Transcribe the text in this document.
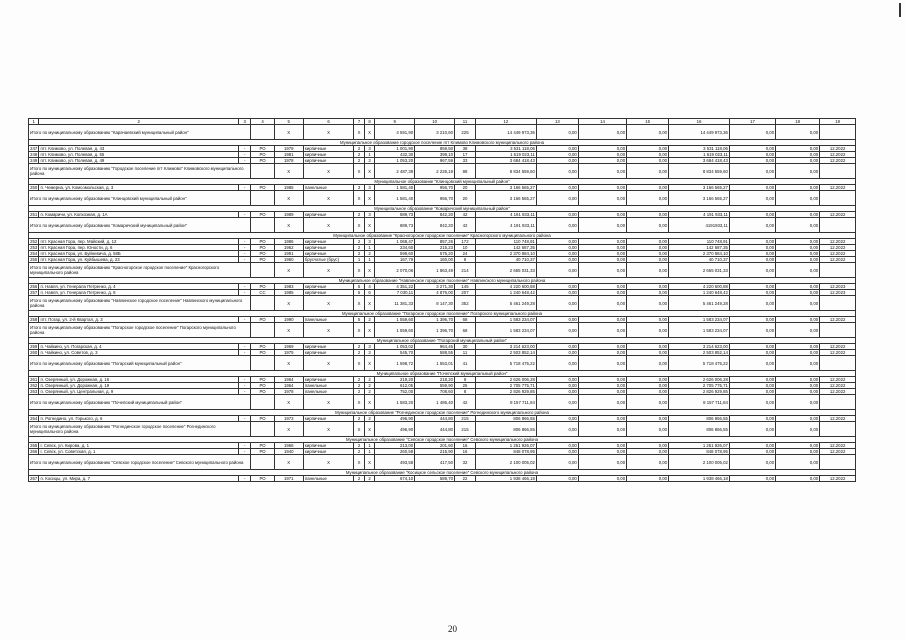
1	2	3	4	5	6	7	8	9	10	11	12	13	14	15	16	17	18	19
Итого по муниципальному образованию "Карачаевский муниципальный район"				X	X	X	X	4 591,90	3 210,60	225	14 449 973,36	0,00	0,00	0,00	14 449 973,36	0,00	0,00	
Муниципальное образование городское поселение пгт Климово Климовского муниципального района																		
247	пгт. Климово, ул. Полевая, д. 43	-	РО	1979	кирпичные	2	3	1 001,90	859,50	38	3 531 118,06	0,00	0,00	0,00	3 531 118,06	0,00	0,00	12.2022
248	пгт. Климово, ул. Полевая, д. 55	-	РО	1981	кирпичные	2	1	432,30	399,10	17	1 619 023,11	0,00	0,00	0,00	1 619 023,11	0,00	0,00	12.2022
249	пгт. Климово, ул. Полевая, д. 49	-	РО	1978	кирпичные	2	3	1 053,20	967,59	33	3 684 418,43	0,00	0,00	0,00	3 684 418,43	0,00	0,00	12.2022
Итого по муниципальному образованию "Городское поселение пгт Климово" Климовского муниципального района				X	X	X	X	2 487,39	2 226,19	88	8 834 559,60	0,00	0,00	0,00	8 834 559,60	0,00	0,00	
Муниципальное образование "Клинцовский муниципальный район"																		
250	п. Чемерна, ул. Комсомольская, д. 3	-	РО	1985	панельные	3	3	1 581,40	956,70	20	3 166 565,27	0,00	0,00	0,00	3 166 565,27	0,00	0,00	12.2022
Итого по муниципальному образованию "Клинцовский муниципальный район"				X	X	X	X	1 581,40	956,70	20	3 166 565,27	0,00	0,00	0,00	3 166 565,27	0,00	0,00	
Муниципальное образование "Комаричский муниципальный район"																		
251	п. Комаричи, ул. Колхозная, д. 1А	-	РО	1989	кирпичные	2	3	889,73	842,20	42	4 191 933,11	0,00	0,00	0,00	4 191 933,11	0,00	0,00	12.2022
Итого по муниципальному образованию "Комаричский муниципальный район"				X	X	X	X	889,73	842,20	42	4 191 933,11	0,00	0,00	0,00	4191933,11	0,00	0,00	
Муниципальное образование "Красногорское городское поселение" Красногорского муниципального района																		
252	пгт. Красная Гора, пер. Майский, д. 12	-	РО	1986	кирпичные	2	3	1 068,47	857,26	172	110 748,91	0,00	0,00	0,00	110 748,91	0,00	0,00	12.2022
253	пгт. Красная Гора, пер. Юности, д. 6	-	РО	1962	кирпичные	2	1	234,60	215,23	10	142 687,35	0,00	0,00	0,00	142 687,35	0,00	0,00	12.2022
254	пгт. Красная Гора, ул. Буйневича, д. 58Б	-	РО	1991	кирпичные	2	2	599,60	575,20	24	2 370 884,10	0,00	0,00	0,00	2 370 884,10	0,00	0,00	12.2022
255	пгт. Красная Гора, ул. Куйбышева, д. 23	-	РО	1960	брусчатые (брус)	1	1	167,79	160,00	8	40 710,37	0,00	0,00	0,00	40 710,37	0,00	0,00	12.2022
Итого по муниципальному образованию "Красногорское городское поселение" Красногорского муниципального района				X	X	X	X	2 070,06	1 863,49	214	2 665 031,33	0,00	0,00	0,00	2 665 031,33	0,00	0,00	
Муниципальное образование "Навлинское городское поселение" Навлинского муниципального района																		
256	п. Навля, ул. Генерала Петренко, д. 4	-	РО	1983	кирпичные	5	4	4 351,22	3 271,30	145	4 220 600,88	0,00	0,00	0,00	4 220 600,88	0,00	0,00	12.2023
257	п. Навля, ул. Генерала Петренко, д. 8	-	СС	1985	кирпичные	5	6	7 030,11	4 876,00	207	1 240 648,42	0,00	0,00	0,00	1 240 648,42	0,00	0,00	12.2023
Итого по муниципальному образованию "Навлинское городское поселение" Навлинского муниципального района				X	X	X	X	11 381,33	8 147,30	352	5 461 249,28	0,00	0,00	0,00	5 461 249,28	0,00	0,00	
Муниципальное образование "Погарское городское поселение" Погарского муниципального района																		
258	пгт. Погар, ул. 2-й Квартал, д. 3	-	РО	1990	панельные	5	2	1 559,60	1 396,70	68	1 583 234,07	0,00	0,00	0,00	1 583 234,07	0,00	0,00	12.2022
Итого по муниципальному образованию "Погарское городское поселение" Погарского муниципального района				X	X	X	X	1 559,60	1 396,70	68	1 583 234,07	0,00	0,00	0,00	1 583 234,07	0,00	0,00	
Муниципальное образование "Погарский муниципальный район"																		
259	п. Чайкино, ул. Погарская, д. 4	-	РО	1969	кирпичные	2	3	1 053,02	964,46	30	3 214 623,00	0,00	0,00	0,00	3 214 623,00	0,00	0,00	12.2022
260	п. Чайкино, ул. Советов, д. 3	-	РО	1975	кирпичные	2	3	545,70	588,55	11	2 503 852,14	0,00	0,00	0,00	2 503 852,14	0,00	0,00	12.2022
Итого по муниципальному образованию "Погарский муниципальный район"				X	X	X	X	1 598,72	1 553,01	41	5 718 475,22	0,00	0,00	0,00	5 718 475,22	0,00	0,00	
Муниципальное образование "Почепский муниципальный район"																		
261	п. Озерянный, ул. Дорожная, д. 16	-	РО	1964	кирпичные	2	2	219,20	218,20	9	2 626 006,28	0,00	0,00	0,00	2 626 006,28	0,00	0,00	12.2022
262	п. Озерянный, ул. Дорожная, д. 19	-	РО	1964	панельные	2	2	612,05	559,90	25	2 705 775,71	0,00	0,00	0,00	2 705 775,71	0,00	0,00	12.2022
263	п. Озерянный, ул. Центральная, д. 9	-	РО	1978	панельные	2	2	752,00	708,60	8	2 826 929,85	0,00	0,00	0,00	2 826 929,85	0,00	0,00	12.2022
Итого по муниципальному образованию "Почепский муниципальный район"				X	X	X	X	1 583,20	1 486,40	42	8 157 711,84	0,00	0,00	0,00	8 157 711,84	0,00	0,00	
Муниципальное образование "Рогнединское городское поселение" Рогнединского муниципального района																		
264	п. Рогнедино, ул. Горького, д. 6	-	РО	1973	кирпичные	2	2	496,90	444,80	215	806 866,55	0,00	0,00	0,00	806 866,55	0,00	0,00	12.2022
Итого по муниципальному образованию "Рогнединское городское поселение" Рогнединского муниципального района				X	X	X	X	496,90	444,80	215	806 866,55	0,00	0,00	0,00	806 866,55	0,00	0,00	
Муниципальное образование "Севское городское поселение" Севского муниципального района																		
265	г. Севск, ул. Кирова, д. 1	-	РО	1966	кирпичные	2	1	213,00	201,60	16	1 251 926,07	0,00	0,00	0,00	1 251 926,07	0,00	0,00	12.2022
266	г. Севск, ул. Советская, д. 1	-	РО	1940	кирпичные	2	1	260,58	215,90	16	848 078,95	0,00	0,00	0,00	848 078,95	0,00	0,00	12.2022
Итого по муниципальному образованию "Севское городское поселение" Севского муниципального района				X	X	X	X	493,58	417,50	32	2 100 005,02	0,00	0,00	0,00	2 100 005,02	0,00	0,00	
Муниципальное образование "Косицкое сельское поселение" Севского муниципального района																		
267	п. Косицы, ул. Мира, д. 7	-	РО	1971	панельные	2	2	674,10	589,70	22	1 938 466,18	0,00	0,00	0,00	1 938 466,18	0,00	0,00	12.2022
20
